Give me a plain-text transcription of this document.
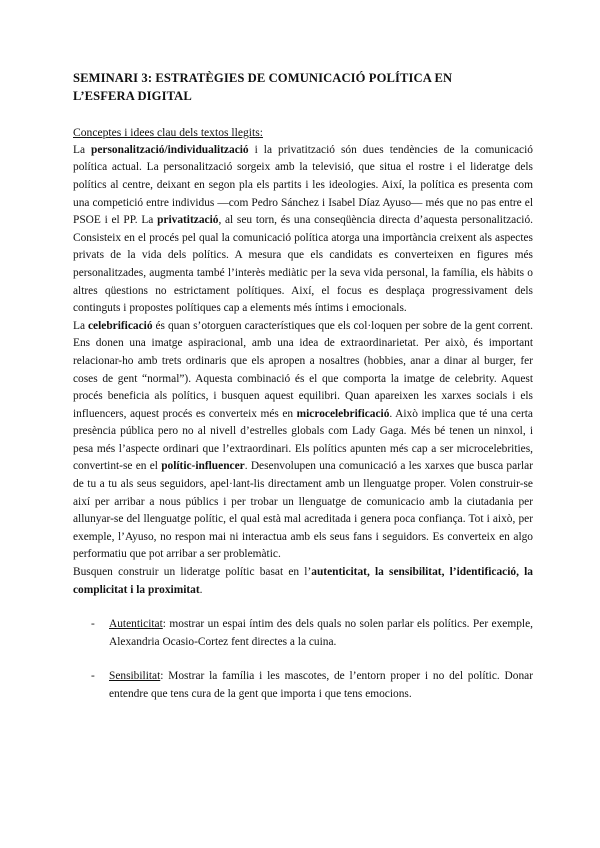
SEMINARI 3: ESTRATÈGIES DE COMUNICACIÓ POLÍTICA EN
L’ESFERA DIGITAL
Conceptes i idees clau dels textos llegits:

La personalització/individualització i la privatització són dues tendències de la comunicació política actual. La personalització sorgeix amb la televisió, que situa el rostre i el lideratge dels polítics al centre, deixant en segon pla els partits i les ideologies. Així, la política es presenta com una competició entre individus —com Pedro Sánchez i Isabel Díaz Ayuso— més que no pas entre el PSOE i el PP. La privatització, al seu torn, és una conseqüència directa d’aquesta personalització. Consisteix en el procés pel qual la comunicació política atorga una importància creixent als aspectes privats de la vida dels polítics. A mesura que els candidats es converteixen en figures més personalitzades, augmenta també l’interès mediàtic per la seva vida personal, la família, els hàbits o altres qüestions no estrictament polítiques. Així, el focus es desplaça progressivament dels continguts i propostes polítiques cap a elements més íntims i emocionals.

La celebrificació és quan s’otorguen característiques que els col·loquen per sobre de la gent corrent. Ens donen una imatge aspiracional, amb una idea de extraordinarietat. Per això, és important relacionar-ho amb trets ordinaris que els apropen a nosaltres (hobbies, anar a dinar al burger, fer coses de gent “normal”). Aquesta combinació és el que comporta la imatge de celebrity. Aquest procés beneficia als polítics, i busquen aquest equilibri. Quan apareixen les xarxes socials i els influencers, aquest procés es converteix més en microcelebrificació. Això implica que té una certa presència pública pero no al nivell d’estrelles globals com Lady Gaga. Més bé tenen un ninxol, i pesa més l’aspecte ordinari que l’extraordinari. Els polítics apunten més cap a ser microcelebrities, convertint-se en el polític-influencer. Desenvolupen una comunicació a les xarxes que busca parlar de tu a tu als seus seguidors, apel·lant-lis directament amb un llenguatge proper. Volen construir-se així per arribar a nous públics i per trobar un llenguatge de comunicacio amb la ciutadania per allunyar-se del llenguatge polític, el qual està mal acreditada i genera poca confiança. Tot i això, per exemple, l’Ayuso, no respon mai ni interactua amb els seus fans i seguidors. Es converteix en algo performatiu que pot arribar a ser problemàtic.

Busquen construir un lideratge polític basat en l’autenticitat, la sensibilitat, l’identificació, la complicitat i la proximitat.

- Autenticitat: mostrar un espai íntim des dels quals no solen parlar els polítics. Per exemple, Alexandria Ocasio-Cortez fent directes a la cuina.
- Sensibilitat: Mostrar la família i les mascotes, de l’entorn proper i no del polític. Donar entendre que tens cura de la gent que importa i que tens emocions.
